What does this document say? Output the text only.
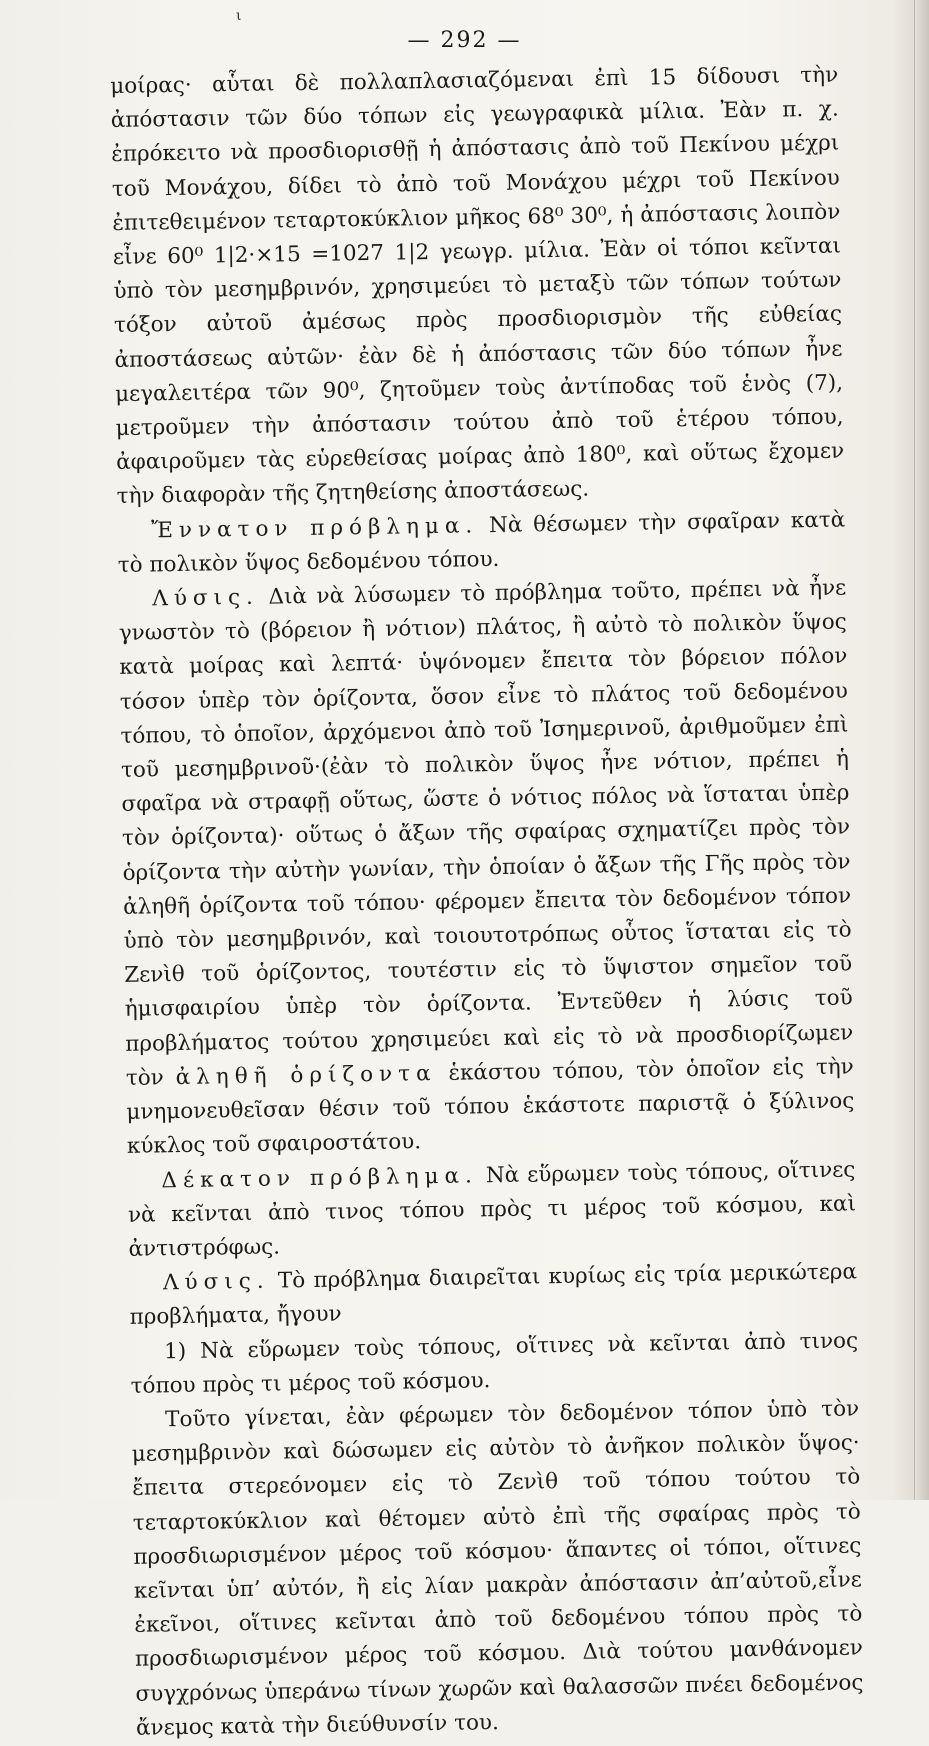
ι
— 292 —

μοίρας· αὗται δὲ πολλαπλασιαζόμεναι ἐπὶ 15 δίδουσι τὴν ἀπόστασιν τῶν δύο τόπων εἰς γεωγραφικὰ μίλια. Ἐὰν π. χ. ἐπρόκειτο νὰ προσδιορισθῇ ἡ ἀπόστασις ἀπὸ τοῦ Πεκίνου μέχρι τοῦ Μονάχου, δίδει τὸ ἀπὸ τοῦ Μονάχου μέχρι τοῦ Πεκίνου ἐπιτεθειμένον τεταρτοκύκλιον μῆκος 68⁰ 30⁰, ἡ ἀπόστασις λοιπὸν εἶνε 60⁰ 1|2·×15 =1027 1|2 γεωγρ. μίλια. Ἐὰν οἱ τόποι κεῖνται ὑπὸ τὸν μεσημβρινόν, χρησιμεύει τὸ μεταξὺ τῶν τόπων τούτων τόξον αὐτοῦ ἀμέσως πρὸς προσδιορισμὸν τῆς εὐθείας ἀποστάσεως αὐτῶν· ἐὰν δὲ ἡ ἀπόστασις τῶν δύο τόπων ἦνε μεγαλειτέρα τῶν 90⁰, ζητοῦμεν τοὺς ἀντίποδας τοῦ ἑνὸς (7), μετροῦμεν τὴν ἀπόστασιν τούτου ἀπὸ τοῦ ἑτέρου τόπου, ἀφαιροῦμεν τὰς εὑρεθείσας μοίρας ἀπὸ 180⁰, καὶ οὕτως ἔχομεν τὴν διαφορὰν τῆς ζητηθείσης ἀποστάσεως.

Ἔννατον πρόβλημα. Νὰ θέσωμεν τὴν σφαῖραν κατὰ τὸ πολικὸν ὕψος δεδομένου τόπου.

Λύσις. Διὰ νὰ λύσωμεν τὸ πρόβλημα τοῦτο, πρέπει νὰ ἦνε γνωστὸν τὸ (βόρειον ἢ νότιον) πλάτος, ἢ αὐτὸ τὸ πολικὸν ὕψος κατὰ μοίρας καὶ λεπτά· ὑψόνομεν ἔπειτα τὸν βόρειον πόλον τόσον ὑπὲρ τὸν ὁρίζοντα, ὅσον εἶνε τὸ πλάτος τοῦ δεδομένου τόπου, τὸ ὁποῖον, ἀρχόμενοι ἀπὸ τοῦ Ἰσημερινοῦ, ἀριθμοῦμεν ἐπὶ τοῦ μεσημβρινοῦ·(ἐὰν τὸ πολικὸν ὕψος ἦνε νότιον, πρέπει ἡ σφαῖρα νὰ στραφῇ οὕτως, ὥστε ὁ νότιος πόλος νὰ ἵσταται ὑπὲρ τὸν ὁρίζοντα)· οὕτως ὁ ἄξων τῆς σφαίρας σχηματίζει πρὸς τὸν ὁρίζοντα τὴν αὐτὴν γωνίαν, τὴν ὁποίαν ὁ ἄξων τῆς Γῆς πρὸς τὸν ἀληθῆ ὁρίζοντα τοῦ τόπου· φέρομεν ἔπειτα τὸν δεδομένον τόπον ὑπὸ τὸν μεσημβρινόν, καὶ τοιουτοτρόπως οὗτος ἵσταται εἰς τὸ Ζενὶθ τοῦ ὁρίζοντος, τουτέστιν εἰς τὸ ὕψιστον σημεῖον τοῦ ἡμισφαιρίου ὑπὲρ τὸν ὁρίζοντα. Ἐντεῦθεν ἡ λύσις τοῦ προβλήματος τούτου χρησιμεύει καὶ εἰς τὸ νὰ προσδιορίζωμεν τὸν ἀληθῆ ὁρίζοντα ἑκάστου τόπου, τὸν ὁποῖον εἰς τὴν μνημονευθεῖσαν θέσιν τοῦ τόπου ἑκάστοτε παριστᾷ ὁ ξύλινος κύκλος τοῦ σφαιροστάτου.

Δέκατον πρόβλημα. Νὰ εὕρωμεν τοὺς τόπους, οἵτινες νὰ κεῖνται ἀπὸ τινος τόπου πρὸς τι μέρος τοῦ κόσμου, καὶ ἀντιστρόφως.

Λύσις. Τὸ πρόβλημα διαιρεῖται κυρίως εἰς τρία μερικώτερα προβλήματα, ἤγουν

1) Νὰ εὕρωμεν τοὺς τόπους, οἵτινες νὰ κεῖνται ἀπὸ τινος τόπου πρὸς τι μέρος τοῦ κόσμου.

Τοῦτο γίνεται, ἐὰν φέρωμεν τὸν δεδομένον τόπον ὑπὸ τὸν μεσημβρινὸν καὶ δώσωμεν εἰς αὐτὸν τὸ ἀνῆκον πολικὸν ὕψος· ἔπειτα στερεόνομεν εἰς τὸ Ζενὶθ τοῦ τόπου τούτου τὸ τεταρτοκύκλιον καὶ θέτομεν αὐτὸ ἐπὶ τῆς σφαίρας πρὸς τὸ προσδιωρισμένον μέρος τοῦ κόσμου· ἅπαντες οἱ τόποι, οἵτινες κεῖνται ὑπ’ αὐτόν, ἢ εἰς λίαν μακρὰν ἀπόστασιν ἀπ’αὐτοῦ,εἶνε ἐκεῖνοι, οἵτινες κεῖνται ἀπὸ τοῦ δεδομένου τόπου πρὸς τὸ προσδιωρισμένον μέρος τοῦ κόσμου. Διὰ τούτου μανθάνομεν συγχρόνως ὑπεράνω τίνων χωρῶν καὶ θαλασσῶν πνέει δεδομένος ἄνεμος κατὰ τὴν διεύθυνσίν του.
